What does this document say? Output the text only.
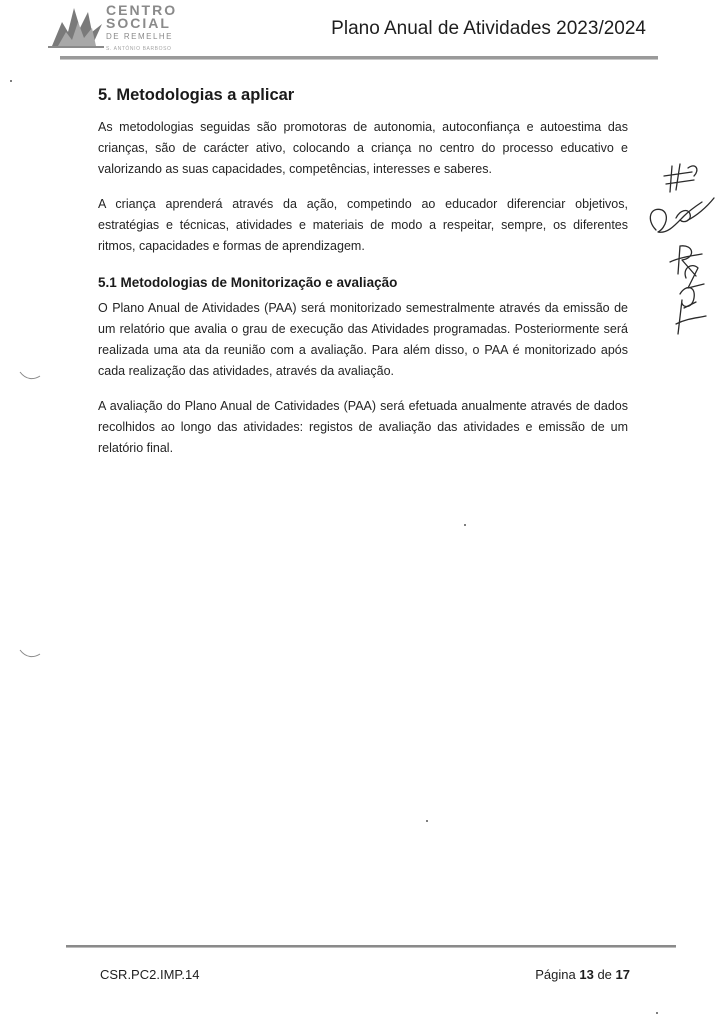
CENTRO
SOCIAL
DE REMELHE
S. ANTÓNIO BARBOSO
Plano Anual de Atividades 2023/2024
5. Metodologias a aplicar

As metodologias seguidas são promotoras de autonomia, autoconfiança e autoestima das crianças, são de carácter ativo, colocando a criança no centro do processo educativo e valorizando as suas capacidades, competências, interesses e saberes.

A criança aprenderá através da ação, competindo ao educador diferenciar objetivos, estratégias e técnicas, atividades e materiais de modo a respeitar, sempre, os diferentes ritmos, capacidades e formas de aprendizagem.

5.1 Metodologias de Monitorização e avaliação

O Plano Anual de Atividades (PAA) será monitorizado semestralmente através da emissão de um relatório que avalia o grau de execução das Atividades programadas. Posteriormente será realizada uma ata da reunião com a avaliação. Para além disso, o PAA é monitorizado após cada realização das atividades, através da avaliação.

A avaliação do Plano Anual de Catividades (PAA) será efetuada anualmente através de dados recolhidos ao longo das atividades: registos de avaliação das atividades e emissão de um relatório final.

CSR.PC2.IMP.14	Página 13 de 17
